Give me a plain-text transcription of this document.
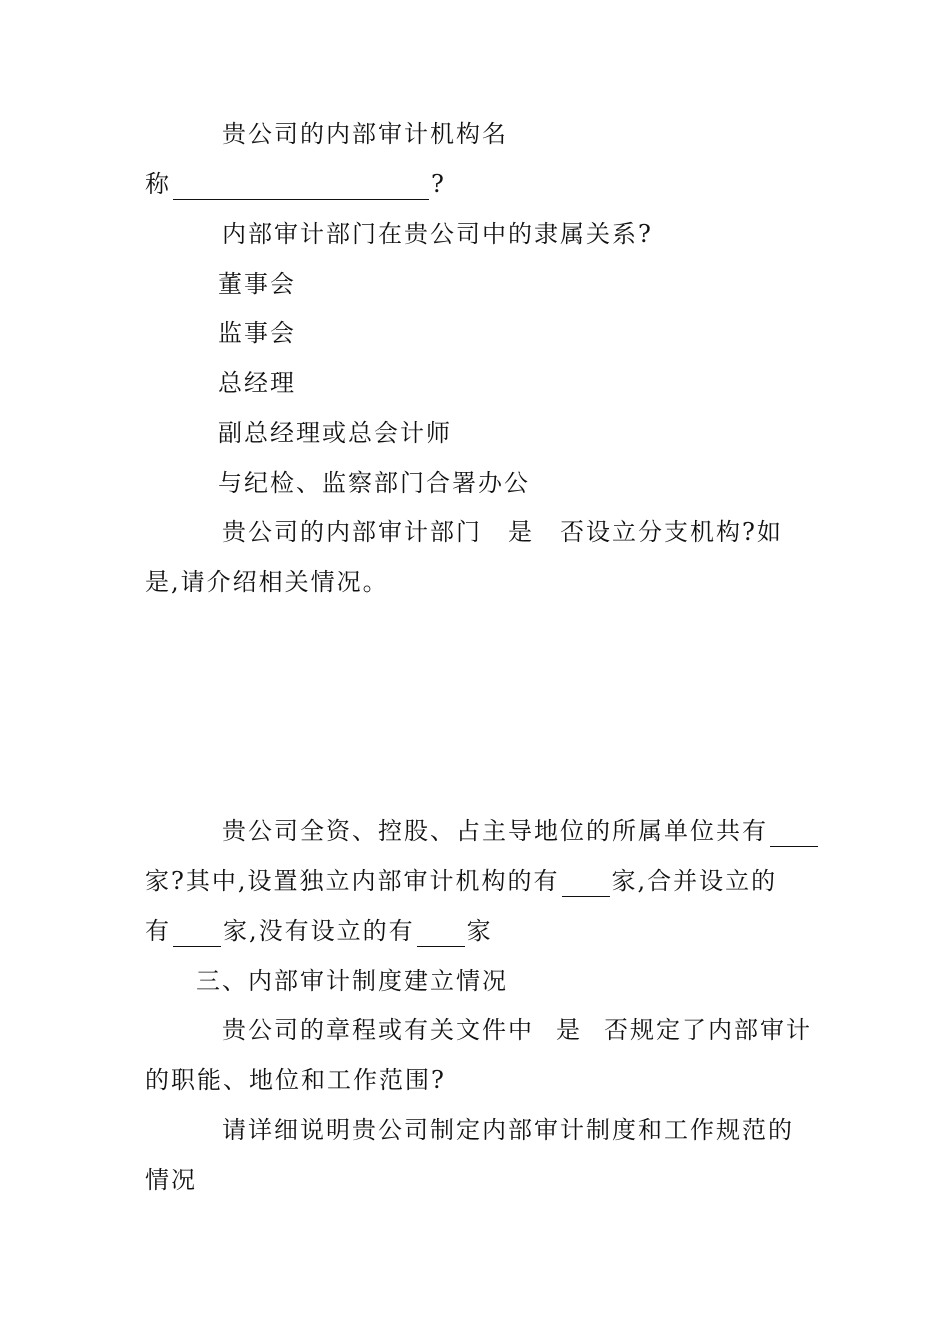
贵公司的内部审计机构名
称	?
内部审计部门在贵公司中的隶属关系?
董事会
监事会
总经理
副总经理或总会计师
与纪检、监察部门合署办公
贵公司的内部审计部门 是 否设立分支机构?如
是,请介绍相关情况。
贵公司全资、控股、占主导地位的所属单位共有
家?其中,设置独立内部审计机构的有 家,合并设立的
有 家,没有设立的有 家
三、内部审计制度建立情况
贵公司的章程或有关文件中 是 否规定了内部审计
的职能、地位和工作范围?
请详细说明贵公司制定内部审计制度和工作规范的
情况
